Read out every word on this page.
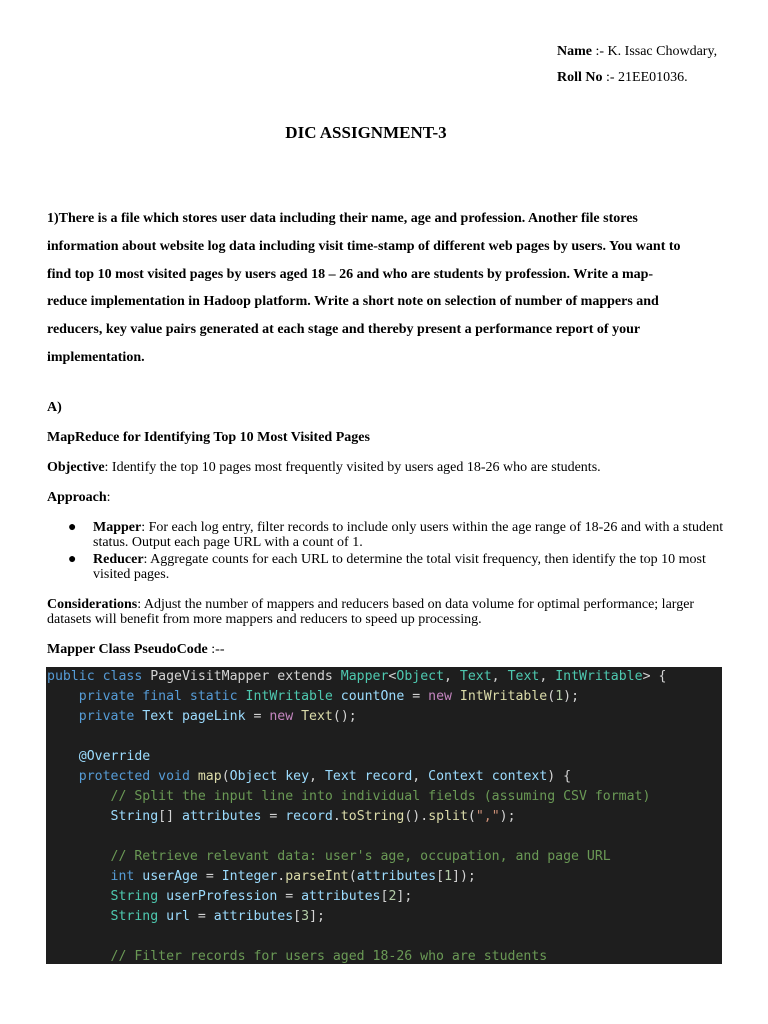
Name :- K. Issac Chowdary,
Roll No :- 21EE01036.
DIC ASSIGNMENT-3
1)There is a file which stores user data including their name, age and profession. Another file stores information about website log data including visit time-stamp of different web pages by users. You want to find top 10 most visited pages by users aged 18 – 26 and who are students by profession. Write a map-reduce implementation in Hadoop platform. Write a short note on selection of number of mappers and reducers, key value pairs generated at each stage and thereby present a performance report of your implementation.
A)
MapReduce for Identifying Top 10 Most Visited Pages
Objective: Identify the top 10 pages most frequently visited by users aged 18-26 who are students.
Approach:
● Mapper: For each log entry, filter records to include only users within the age range of 18-26 and with a student status. Output each page URL with a count of 1.
● Reducer: Aggregate counts for each URL to determine the total visit frequency, then identify the top 10 most visited pages.
Considerations: Adjust the number of mappers and reducers based on data volume for optimal performance; larger datasets will benefit from more mappers and reducers to speed up processing.
Mapper Class PseudoCode :--
public class PageVisitMapper extends Mapper<Object, Text, Text, IntWritable> {
private final static IntWritable countOne = new IntWritable(1);
private Text pageLink = new Text();
@Override
protected void map(Object key, Text record, Context context) {
// Split the input line into individual fields (assuming CSV format)
String[] attributes = record.toString().split(",");
// Retrieve relevant data: user's age, occupation, and page URL
int userAge = Integer.parseInt(attributes[1]);
String userProfession = attributes[2];
String url = attributes[3];
// Filter records for users aged 18-26 who are students
